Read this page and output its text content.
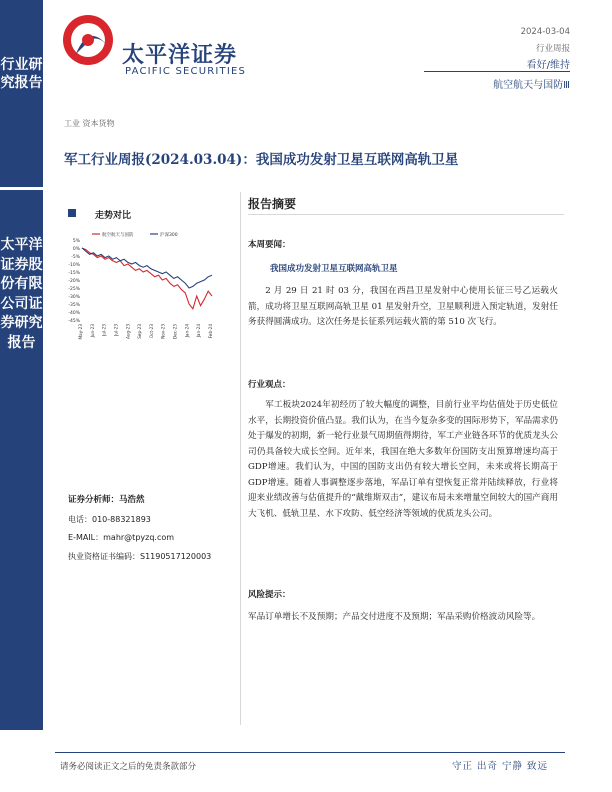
行业研究报告
太平洋证券股份有限公司证券研究报告
太平洋证券
PACIFIC SECURITIES
2024-03-04
行业周报
看好/维持
航空航天与国防Ⅲ
工业 资本货物
军工行业周报(2024.03.04)：我国成功发射卫星互联网高轨卫星
走势对比
5%
0%
-5%
-10%
-15%
-20%
-25%
-30%
-35%
-40%
-45%
May-23 Jun-23 Jul-23 Jul-23 Aug-23 Sep-23 Oct-23 Nov-23 Dec-23 Jan-24 Jan-24 Feb-24
航空航天与国防	沪深300
证券分析师：马浩然
电话：010-88321893
E-MAIL：mahr@tpyzq.com
执业资格证书编码：S1190517120003
报告摘要
本周要闻：
我国成功发射卫星互联网高轨卫星
2 月 29 日 21 时 03 分，我国在西昌卫星发射中心使用长征三号乙运载火箭，成功将卫星互联网高轨卫星 01 星发射升空，卫星顺利进入预定轨道，发射任务获得圆满成功。这次任务是长征系列运载火箭的第 510 次飞行。
行业观点：
军工板块2024年初经历了较大幅度的调整，目前行业平均估值处于历史低位水平，长期投资价值凸显。我们认为，在当今复杂多变的国际形势下，军品需求仍处于爆发的初期，新一轮行业景气周期值得期待，军工产业链各环节的优质龙头公司仍具备较大成长空间。近年来，我国在绝大多数年份国防支出预算增速均高于GDP增速。我们认为，中国的国防支出仍有较大增长空间，未来或将长期高于GDP增速。随着人事调整逐步落地，军品订单有望恢复正常并陆续释放，行业将迎来业绩改善与估值提升的“戴维斯双击”，建议布局未来增量空间较大的国产商用大飞机、低轨卫星、水下攻防、低空经济等领域的优质龙头公司。
风险提示：
军品订单增长不及预期；产品交付进度不及预期；军品采购价格波动风险等。
请务必阅读正文之后的免责条款部分	守正 出奇 宁静 致远
